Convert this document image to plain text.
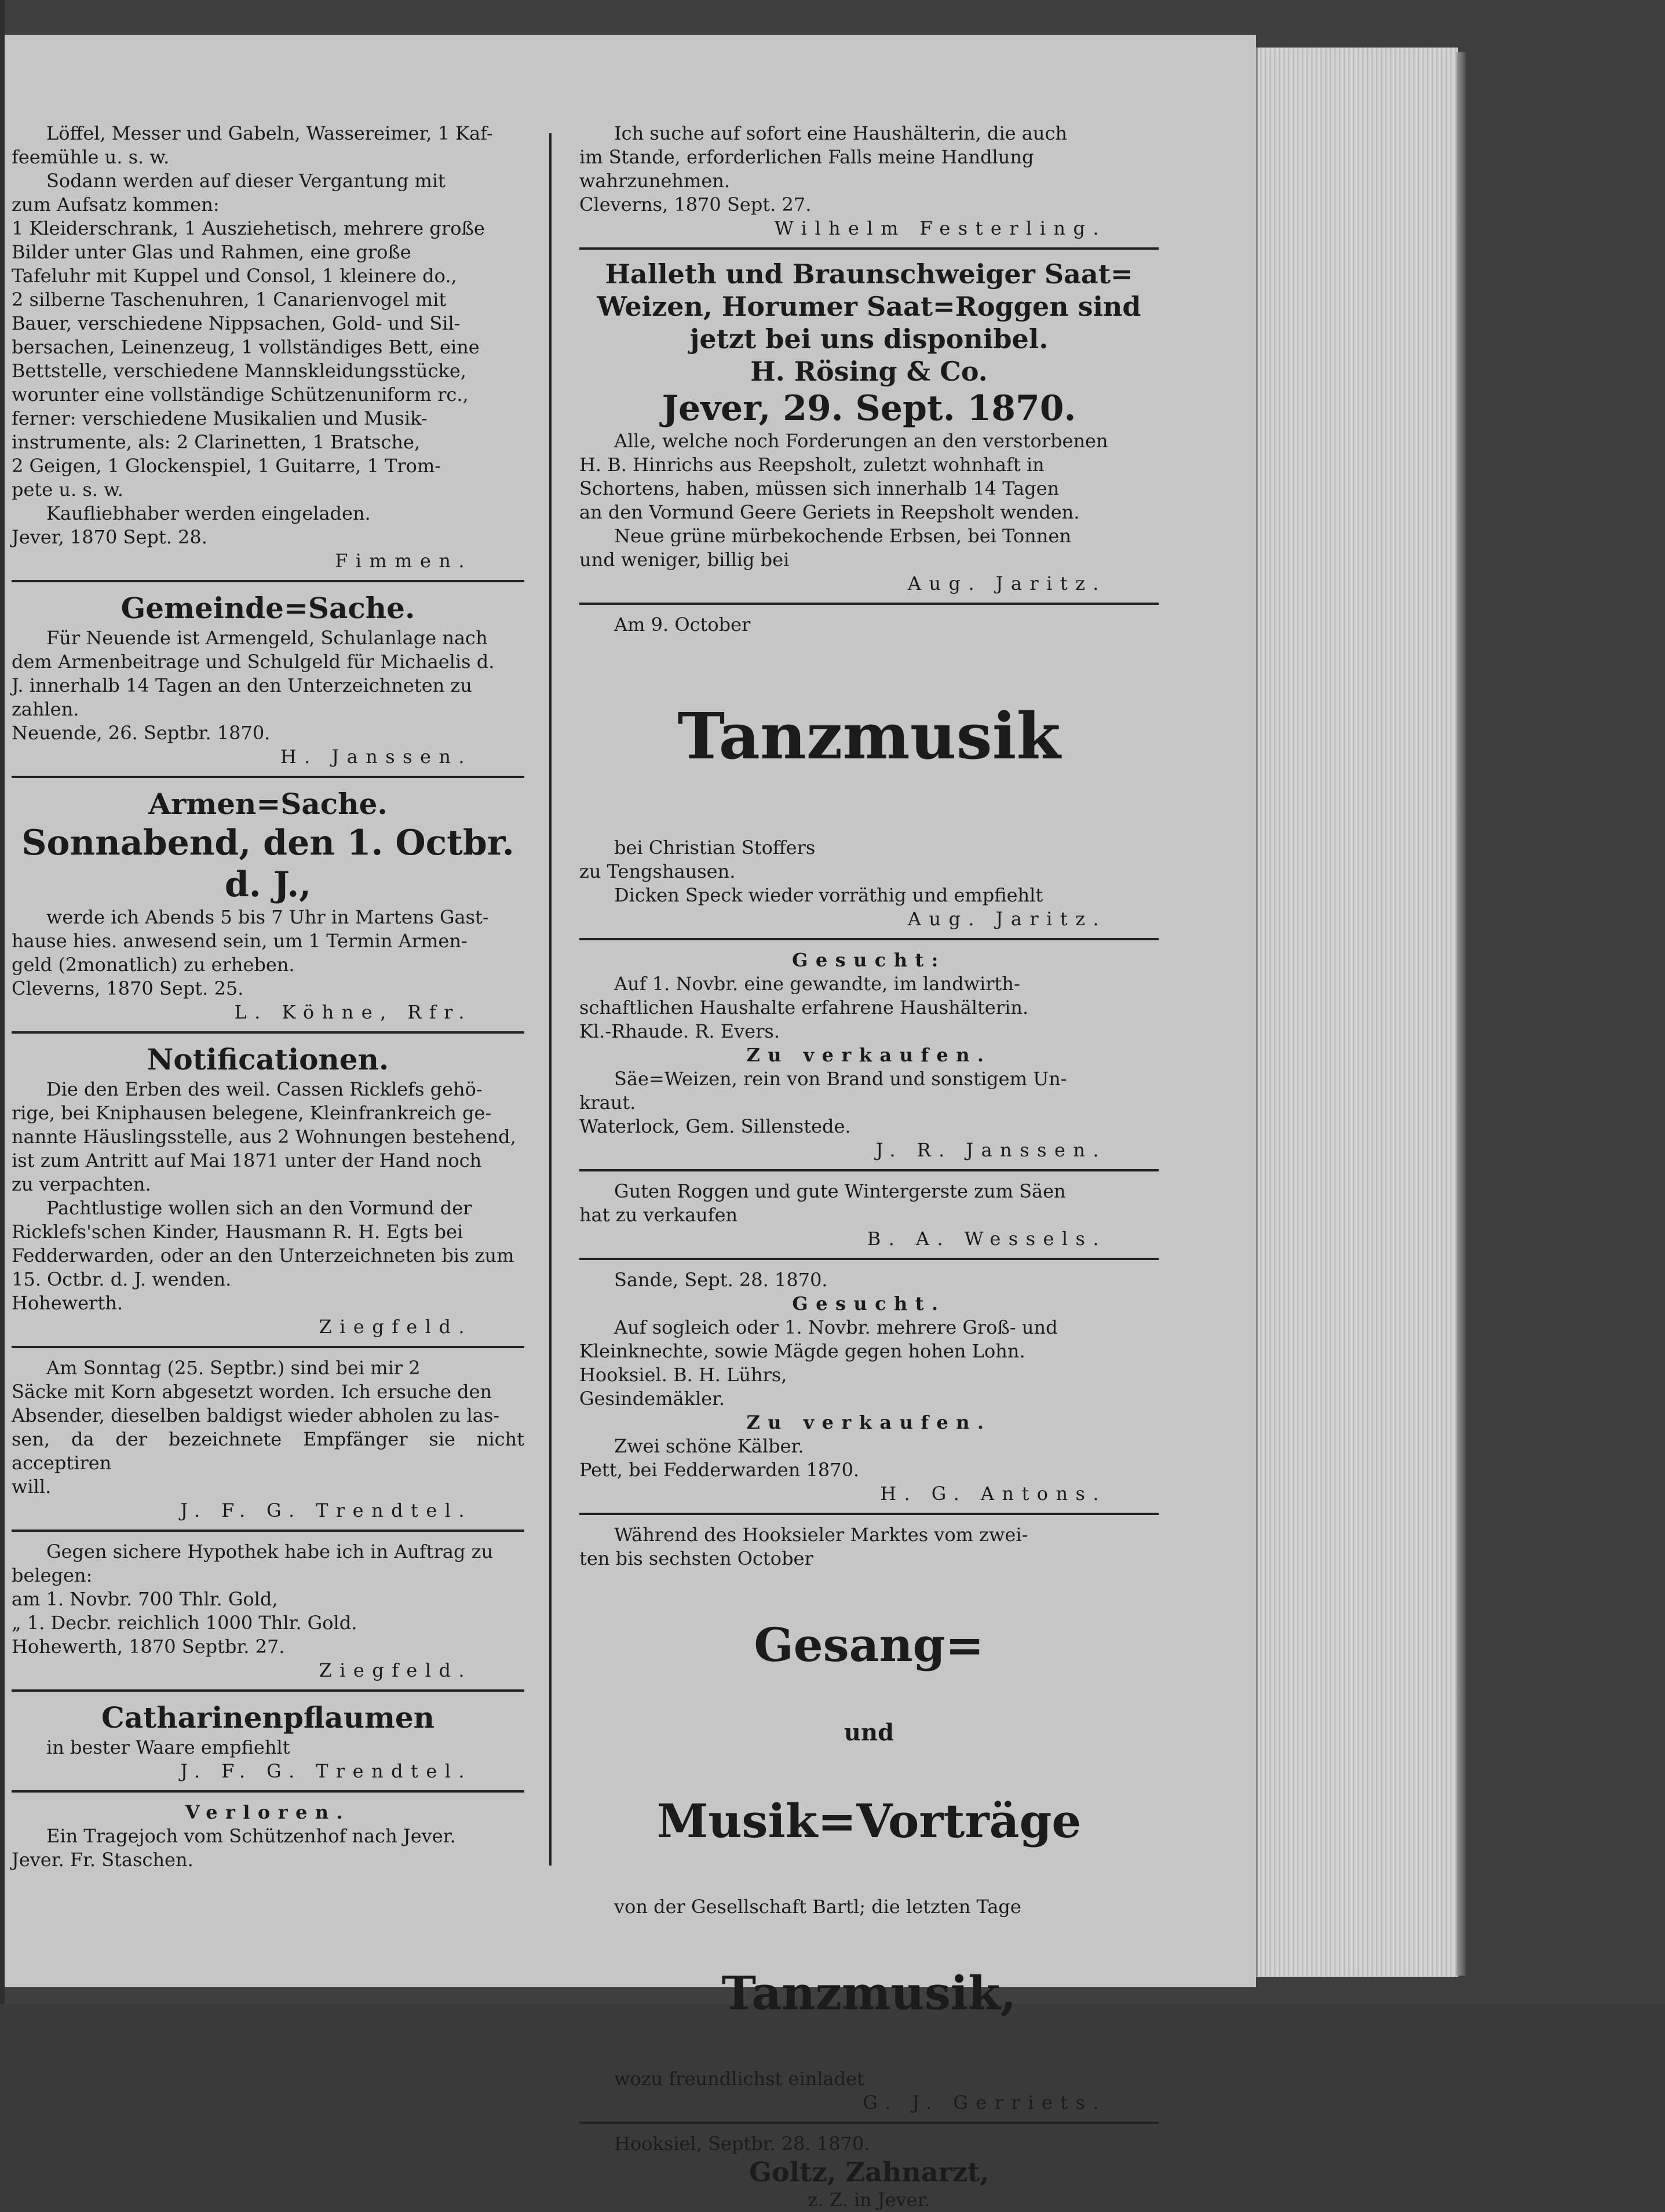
Löffel, Messer und Gabeln, Wassereimer, 1 Kaf-

feemühle u. s. w.

Sodann werden auf dieser Vergantung mit

zum Aufsatz kommen:

1 Kleiderschrank, 1 Ausziehetisch, mehrere große

Bilder unter Glas und Rahmen, eine große

Tafeluhr mit Kuppel und Consol, 1 kleinere do.,

2 silberne Taschenuhren, 1 Canarienvogel mit

Bauer, verschiedene Nippsachen, Gold- und Sil-

bersachen, Leinenzeug, 1 vollständiges Bett, eine

Bettstelle, verschiedene Mannskleidungsstücke,

worunter eine vollständige Schützenuniform rc.,

ferner: verschiedene Musikalien und Musik-

instrumente, als: 2 Clarinetten, 1 Bratsche,

2 Geigen, 1 Glockenspiel, 1 Guitarre, 1 Trom-

pete u. s. w.

Kaufliebhaber werden eingeladen.

Jever, 1870 Sept. 28.

Fimmen.

Gemeinde=Sache.

Für Neuende ist Armengeld, Schulanlage nach

dem Armenbeitrage und Schulgeld für Michaelis d.

J. innerhalb 14 Tagen an den Unterzeichneten zu

zahlen.

Neuende, 26. Septbr. 1870.

H. Janssen.

Armen=Sache.

Sonnabend, den 1. Octbr. d. J.,

werde ich Abends 5 bis 7 Uhr in Martens Gast-

hause hies. anwesend sein, um 1 Termin Armen-

geld (2monatlich) zu erheben.

Cleverns, 1870 Sept. 25.

L. Köhne, Rfr.

Notificationen.

Die den Erben des weil. Cassen Ricklefs gehö-

rige, bei Kniphausen belegene, Kleinfrankreich ge-

nannte Häuslingsstelle, aus 2 Wohnungen bestehend,

ist zum Antritt auf Mai 1871 unter der Hand noch

zu verpachten.

Pachtlustige wollen sich an den Vormund der

Ricklefs'schen Kinder, Hausmann R. H. Egts bei

Fedderwarden, oder an den Unterzeichneten bis zum

15. Octbr. d. J. wenden.

Hohewerth.

Ziegfeld.

Am Sonntag (25. Septbr.) sind bei mir 2

Säcke mit Korn abgesetzt worden. Ich ersuche den

Absender, dieselben baldigst wieder abholen zu las-

sen, da der bezeichnete Empfänger sie nicht acceptiren

will.

J. F. G. Trendtel.

Gegen sichere Hypothek habe ich in Auftrag zu

belegen:

am 1. Novbr. 700 Thlr. Gold,

„ 1. Decbr. reichlich 1000 Thlr. Gold.

Hohewerth, 1870 Septbr. 27.

Ziegfeld.

Catharinenpflaumen

in bester Waare empfiehlt

J. F. G. Trendtel.

Verloren.

Ein Tragejoch vom Schützenhof nach Jever.

Jever. Fr. Staschen.

Ich suche auf sofort eine Haushälterin, die auch

im Stande, erforderlichen Falls meine Handlung

wahrzunehmen.

Cleverns, 1870 Sept. 27.

Wilhelm Festerling.

Halleth und Braunschweiger Saat=

Weizen, Horumer Saat=Roggen sind

jetzt bei uns disponibel.

H. Rösing & Co.

Jever, 29. Sept. 1870.

Alle, welche noch Forderungen an den verstorbenen

H. B. Hinrichs aus Reepsholt, zuletzt wohnhaft in

Schortens, haben, müssen sich innerhalb 14 Tagen

an den Vormund Geere Geriets in Reepsholt wenden.

Neue grüne mürbekochende Erbsen, bei Tonnen

und weniger, billig bei

Aug. Jaritz.

Am 9. October

Tanzmusik

bei Christian Stoffers

zu Tengshausen.

Dicken Speck wieder vorräthig und empfiehlt

Aug. Jaritz.

Gesucht:

Auf 1. Novbr. eine gewandte, im landwirth-

schaftlichen Haushalte erfahrene Haushälterin.

Kl.-Rhaude. R. Evers.

Zu verkaufen.

Säe=Weizen, rein von Brand und sonstigem Un-

kraut.

Waterlock, Gem. Sillenstede.

J. R. Janssen.

Guten Roggen und gute Wintergerste zum Säen

hat zu verkaufen

B. A. Wessels.

Sande, Sept. 28. 1870.

Gesucht.

Auf sogleich oder 1. Novbr. mehrere Groß- und

Kleinknechte, sowie Mägde gegen hohen Lohn.

Hooksiel. B. H. Lührs,

Gesindemäkler.

Zu verkaufen.

Zwei schöne Kälber.

Pett, bei Fedderwarden 1870.

H. G. Antons.

Während des Hooksieler Marktes vom zwei-

ten bis sechsten October

Gesang=

und

Musik=Vorträge

von der Gesellschaft Bartl; die letzten Tage

Tanzmusik,

wozu freundlichst einladet

G. J. Gerriets.

Hooksiel, Septbr. 28. 1870.

Goltz, Zahnarzt,

z. Z. in Jever.
